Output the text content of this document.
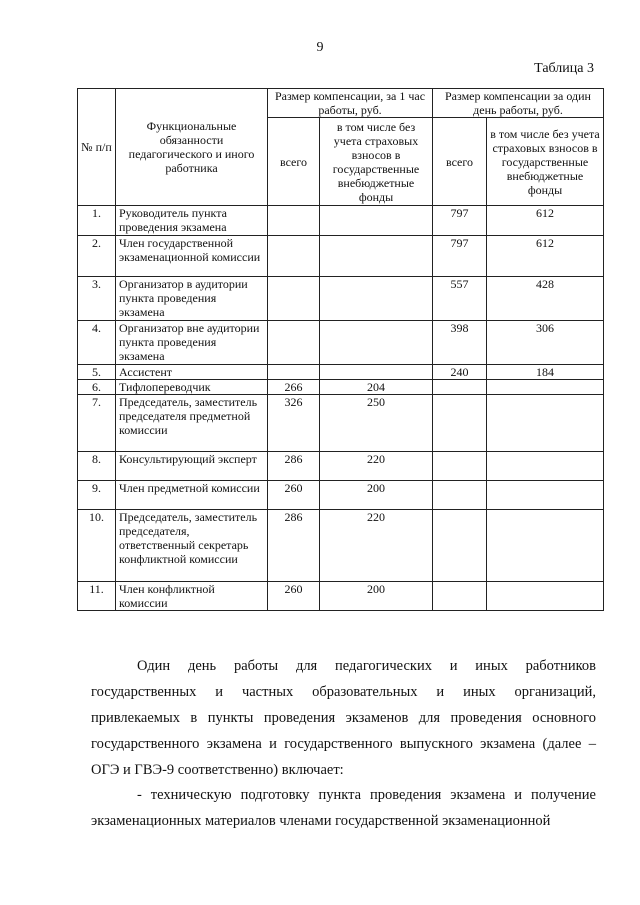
9
Таблица 3
№ п/п	Функциональные обязанности педагогического и иного работника	Размер компенсации, за 1 час работы, руб.		Размер компенсации за один день работы, руб.	
		всего	в том числе без учета страховых взносов в государственные внебюджетные фонды	всего	в том числе без учета страховых взносов в государственные внебюджетные фонды
1.	Руководитель пункта проведения экзамена			797	612
2.	Член государственной экзаменационной комиссии			797	612
3.	Организатор в аудитории пункта проведения экзамена			557	428
4.	Организатор вне аудитории пункта проведения экзамена			398	306
5.	Ассистент			240	184
6.	Тифлопереводчик	266	204		
7.	Председатель, заместитель председателя предметной комиссии	326	250		
8.	Консультирующий эксперт	286	220		
9.	Член предметной комиссии	260	200		
10.	Председатель, заместитель председателя, ответственный секретарь конфликтной комиссии	286	220		
11.	Член конфликтной комиссии	260	200		
Один день работы для педагогических и иных работников государственных и частных образовательных и иных организаций, привлекаемых в пункты проведения экзаменов для проведения основного государственного экзамена и государственного выпускного экзамена (далее – ОГЭ и ГВЭ-9 соответственно) включает:
- техническую подготовку пункта проведения экзамена и получение экзаменационных материалов членами государственной экзаменационной
